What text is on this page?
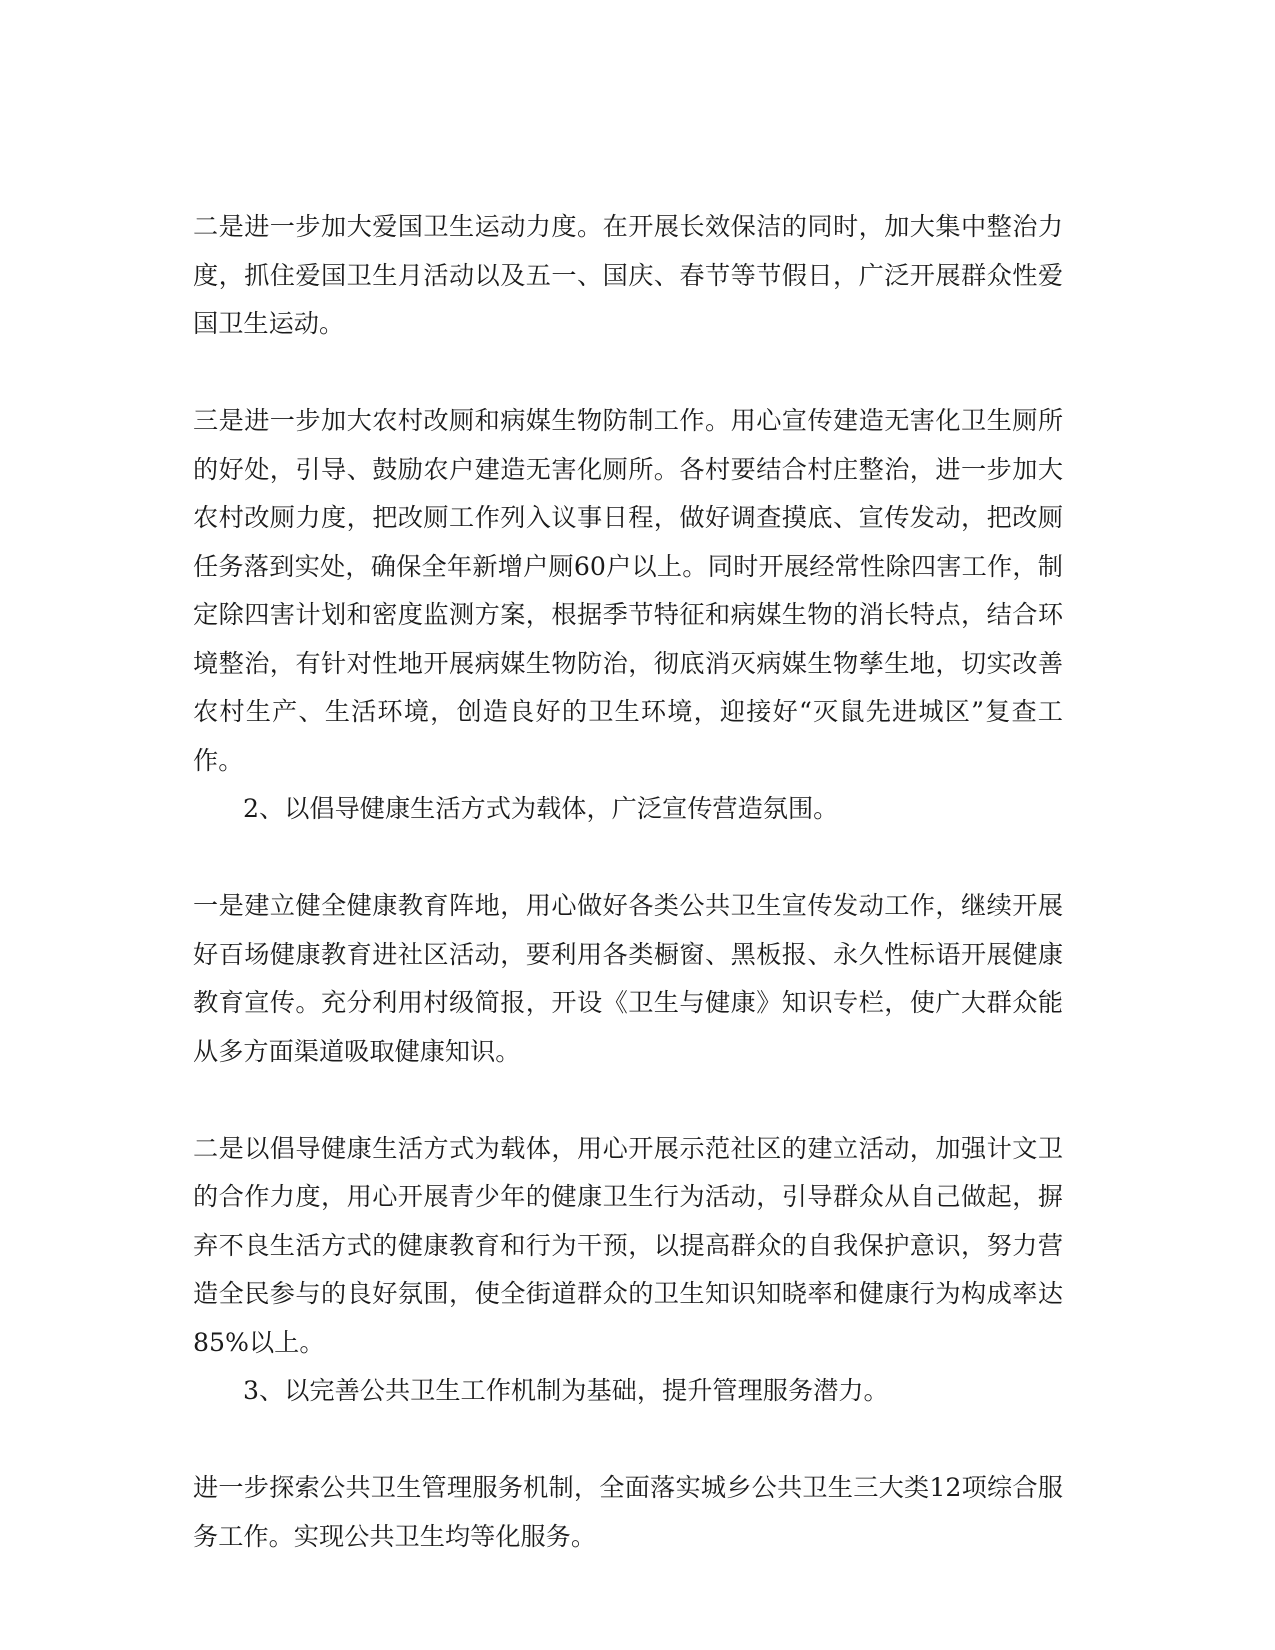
二是进一步加大爱国卫生运动力度。在开展长效保洁的同时，加大集中整治力度，抓住爱国卫生月活动以及五一、国庆、春节等节假日，广泛开展群众性爱国卫生运动。

三是进一步加大农村改厕和病媒生物防制工作。用心宣传建造无害化卫生厕所的好处，引导、鼓励农户建造无害化厕所。各村要结合村庄整治，进一步加大农村改厕力度，把改厕工作列入议事日程，做好调查摸底、宣传发动，把改厕任务落到实处，确保全年新增户厕60户以上。同时开展经常性除四害工作，制定除四害计划和密度监测方案，根据季节特征和病媒生物的消长特点，结合环境整治，有针对性地开展病媒生物防治，彻底消灭病媒生物孳生地，切实改善农村生产、生活环境，创造良好的卫生环境，迎接好“灭鼠先进城区”复查工作。

2、以倡导健康生活方式为载体，广泛宣传营造氛围。

一是建立健全健康教育阵地，用心做好各类公共卫生宣传发动工作，继续开展好百场健康教育进社区活动，要利用各类橱窗、黑板报、永久性标语开展健康教育宣传。充分利用村级简报，开设《卫生与健康》知识专栏，使广大群众能从多方面渠道吸取健康知识。

二是以倡导健康生活方式为载体，用心开展示范社区的建立活动，加强计文卫的合作力度，用心开展青少年的健康卫生行为活动，引导群众从自己做起，摒弃不良生活方式的健康教育和行为干预，以提高群众的自我保护意识，努力营造全民参与的良好氛围，使全街道群众的卫生知识知晓率和健康行为构成率达85%以上。

3、以完善公共卫生工作机制为基础，提升管理服务潜力。

进一步探索公共卫生管理服务机制，全面落实城乡公共卫生三大类12项综合服务工作。实现公共卫生均等化服务。
